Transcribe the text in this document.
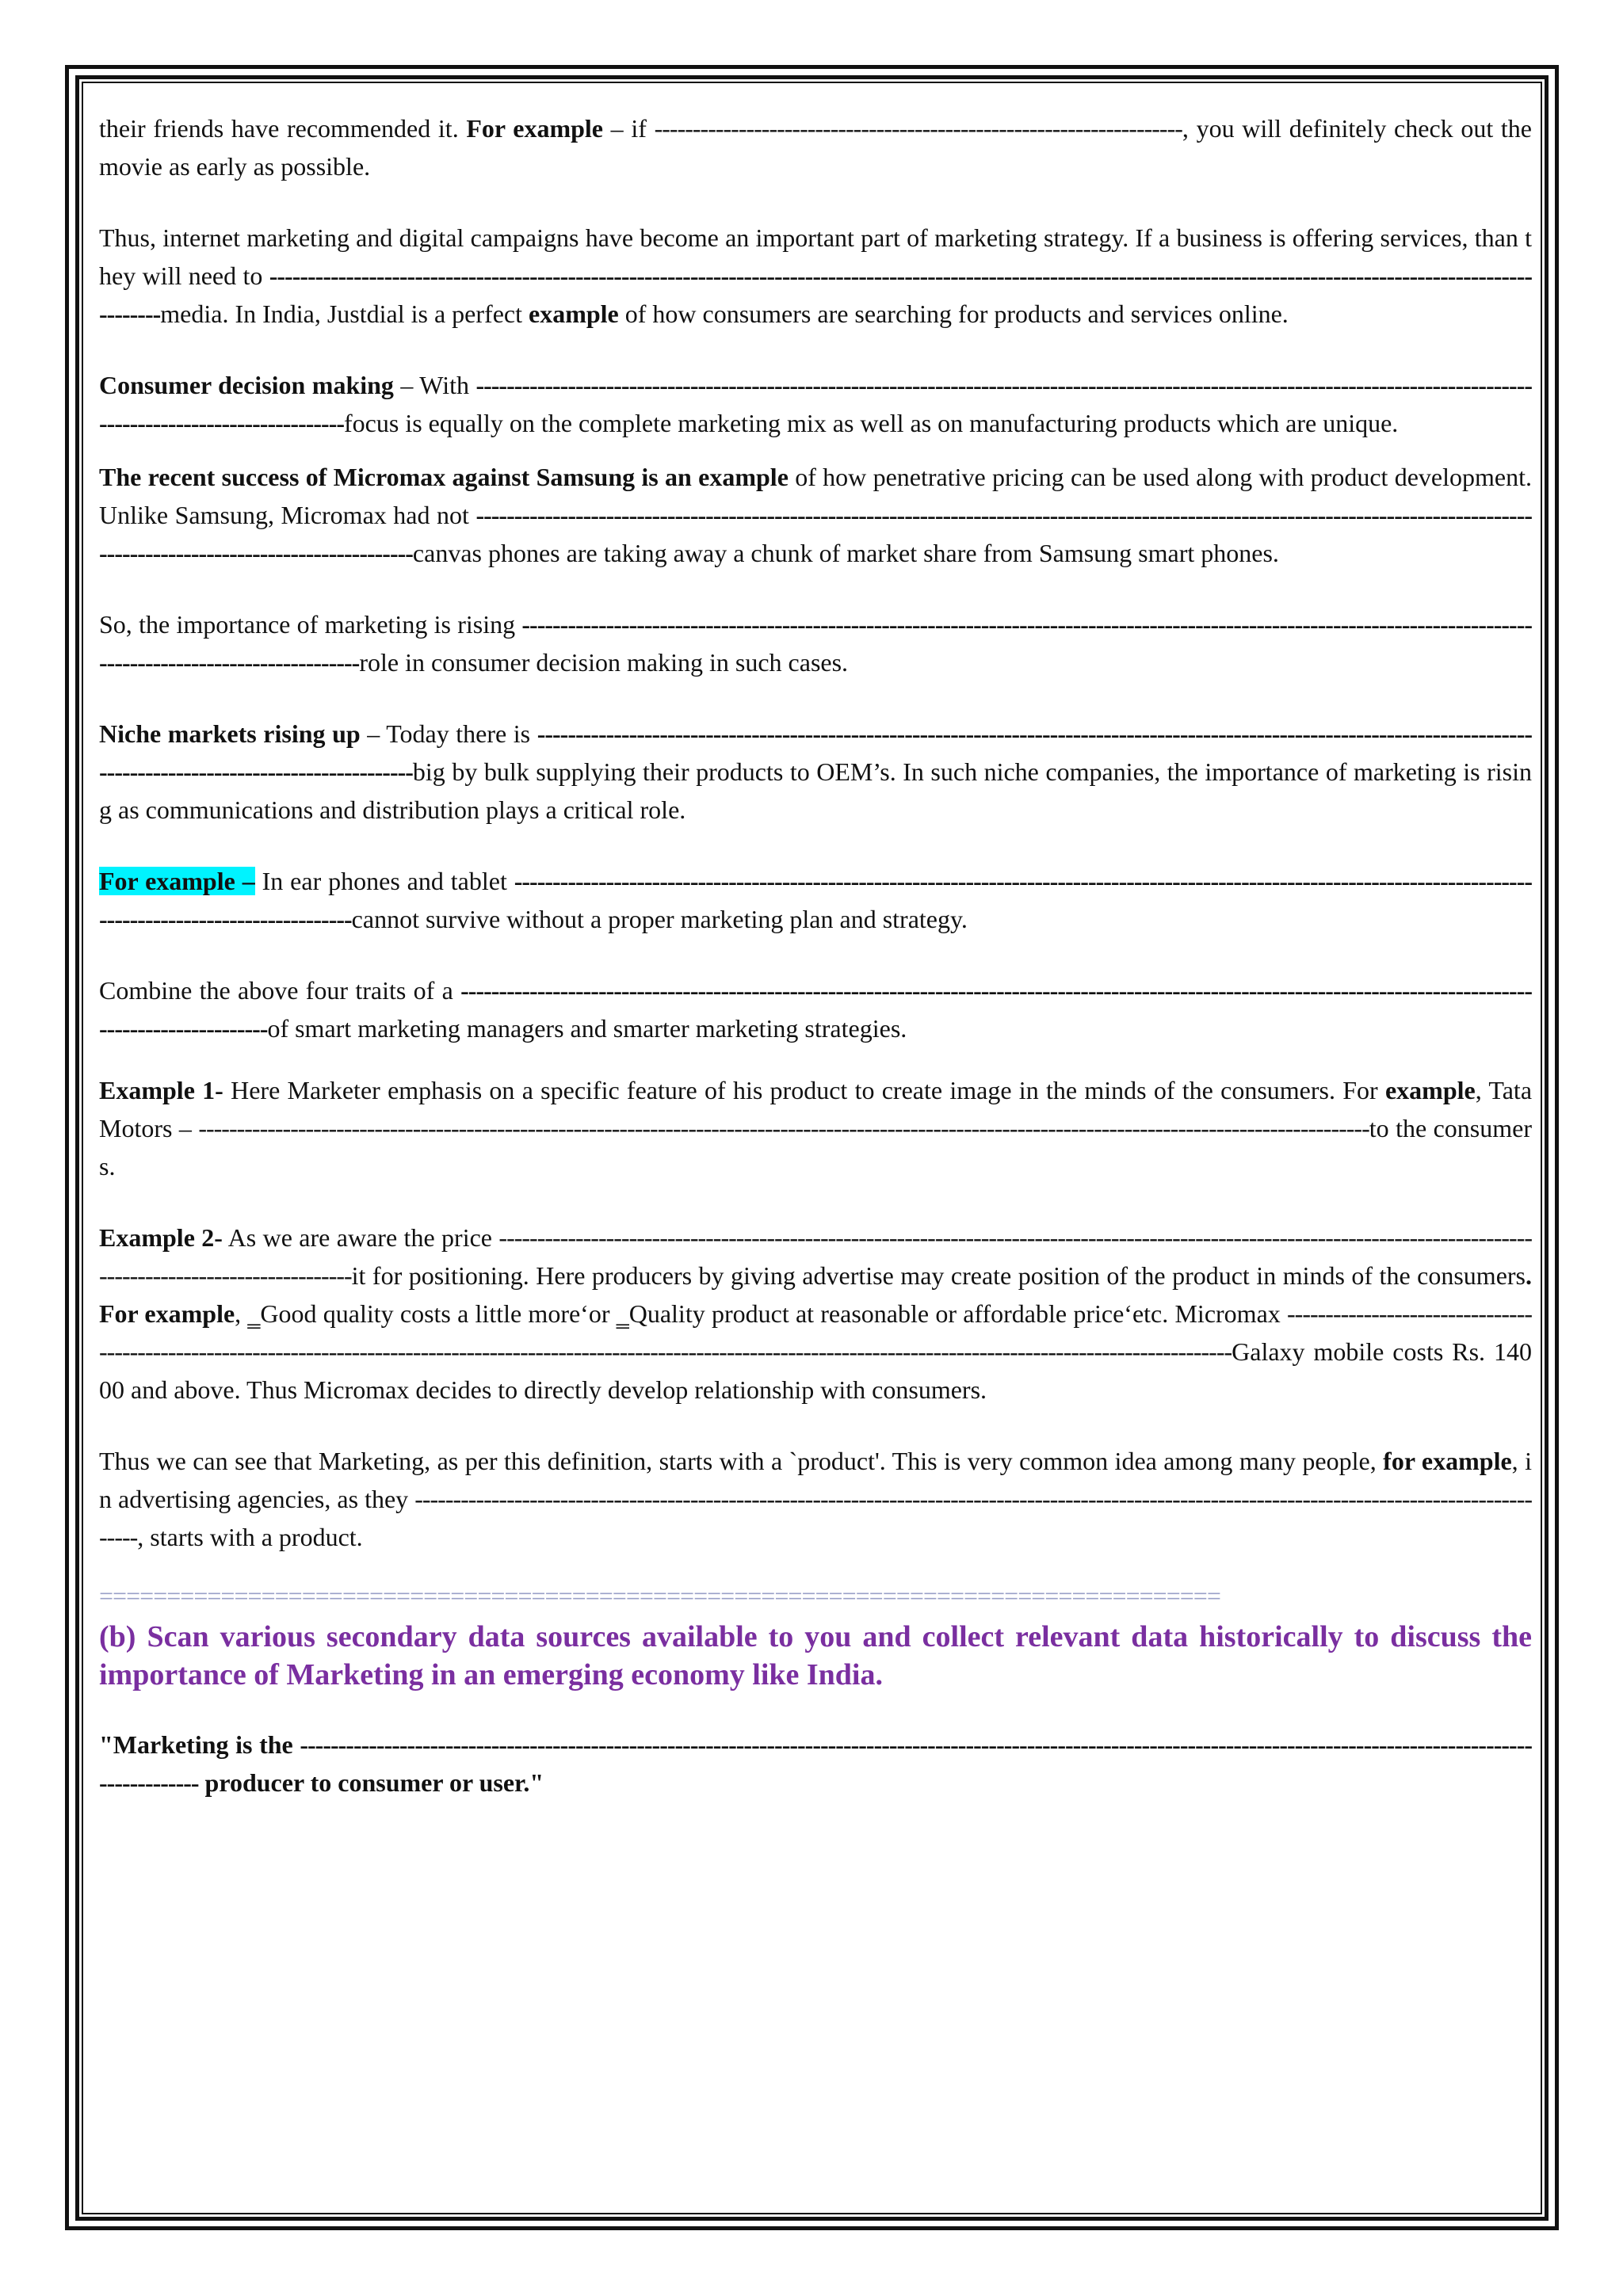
their friends have recommended it. For example – if ---------------------------------------------------------------------, you will definitely check out the movie as early as possible.

Thus, internet marketing and digital campaigns have become an important part of marketing strategy. If a business is offering services, than they will need to -----------------------------------------------------------------------------------------------------------------------------------------------------------------------------media. In India, Justdial is a perfect example of how consumers are searching for products and services online.

Consumer decision making – With --------------------------------------------------------------------------------------------------------------------------------------------------------------------------focus is equally on the complete marketing mix as well as on manufacturing products which are unique.

The recent success of Micromax against Samsung is an example of how penetrative pricing can be used along with product development. Unlike Samsung, Micromax had not -----------------------------------------------------------------------------------------------------------------------------------------------------------------------------------canvas phones are taking away a chunk of market share from Samsung smart phones.

So, the importance of marketing is rising ----------------------------------------------------------------------------------------------------------------------------------------------------------------------role in consumer decision making in such cases.

Niche markets rising up – Today there is ---------------------------------------------------------------------------------------------------------------------------------------------------------------------------big by bulk supplying their products to OEM’s. In such niche companies, the importance of marketing is rising as communications and distribution plays a critical role.

For example – In ear phones and tablet ----------------------------------------------------------------------------------------------------------------------------------------------------------------------cannot survive without a proper marketing plan and strategy.

Combine the above four traits of a ------------------------------------------------------------------------------------------------------------------------------------------------------------------of smart marketing managers and smarter marketing strategies.

Example 1- Here Marketer emphasis on a specific feature of his product to create image in the minds of the consumers. For example, Tata Motors – ---------------------------------------------------------------------------------------------------------------------------------------------------------to the consumers.

Example 2- As we are aware the price ------------------------------------------------------------------------------------------------------------------------------------------------------------------------it for positioning. Here producers by giving advertise may create position of the product in minds of the consumers. For example, ‗Good quality costs a little more‘or ‗Quality product at reasonable or affordable price‘etc. Micromax ------------------------------------------------------------------------------------------------------------------------------------------------------------------------------------Galaxy mobile costs Rs. 14000 and above. Thus Micromax decides to directly develop relationship with consumers.

Thus we can see that Marketing, as per this definition, starts with a `product'. This is very common idea among many people, for example, in advertising agencies, as they -------------------------------------------------------------------------------------------------------------------------------------------------------, starts with a product.

===================================================================================

(b) Scan various secondary data sources available to you and collect relevant data historically to discuss the importance of Marketing in an emerging economy like India.

"Marketing is the ------------------------------------------------------------------------------------------------------------------------------------------------------------------------------ producer to consumer or user."
